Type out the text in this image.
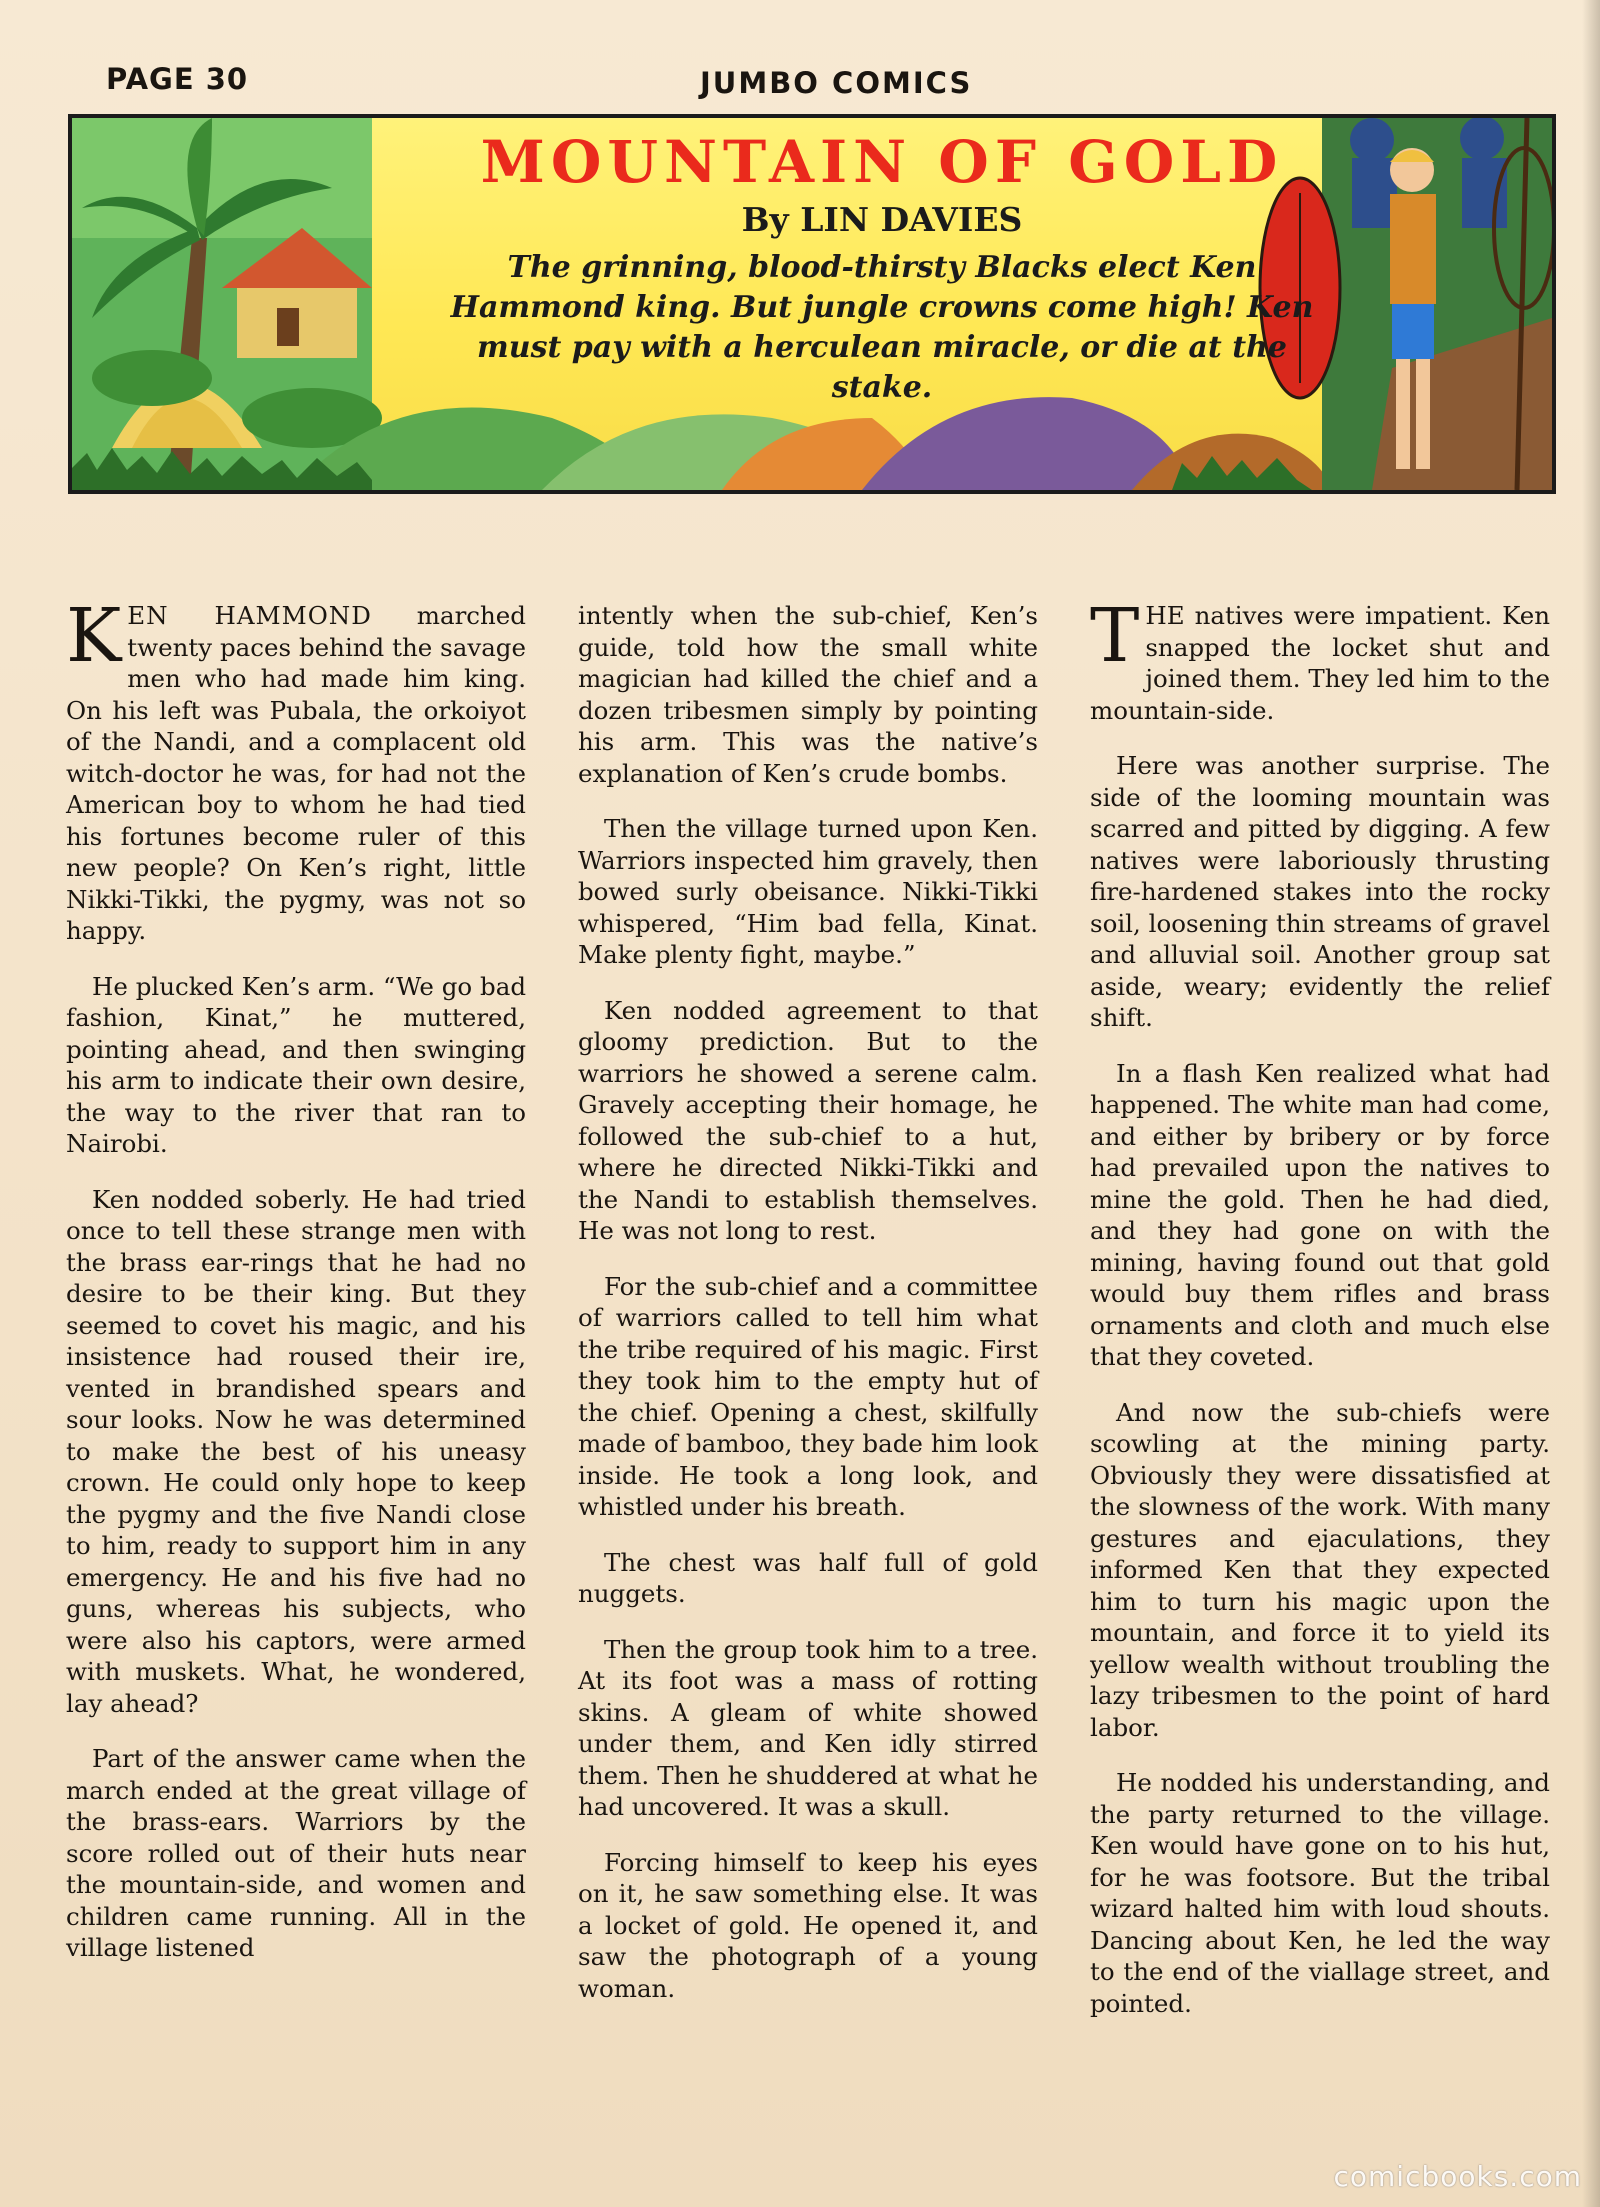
PAGE 30	JUMBO COMICS
MOUNTAIN OF GOLD
By LIN DAVIES
The grinning, blood-thirsty Blacks elect Ken Hammond king. But jungle crowns come high! Ken must pay with a herculean miracle, or die at the stake.

KEN HAMMOND marched twenty paces behind the savage men who had made him king. On his left was Pubala, the orkoiyot of the Nandi, and a complacent old witch-doctor he was, for had not the American boy to whom he had tied his fortunes become ruler of this new people? On Ken’s right, little Nikki-Tikki, the pygmy, was not so happy.

He plucked Ken’s arm. “We go bad fashion, Kinat,” he muttered, pointing ahead, and then swinging his arm to indicate their own desire, the way to the river that ran to Nairobi.

Ken nodded soberly. He had tried once to tell these strange men with the brass ear-rings that he had no desire to be their king. But they seemed to covet his magic, and his insistence had roused their ire, vented in brandished spears and sour looks. Now he was determined to make the best of his uneasy crown. He could only hope to keep the pygmy and the five Nandi close to him, ready to support him in any emergency. He and his five had no guns, whereas his subjects, who were also his captors, were armed with muskets. What, he wondered, lay ahead?

Part of the answer came when the march ended at the great village of the brass-ears. Warriors by the score rolled out of their huts near the mountain-side, and women and children came running. All in the village listened

intently when the sub-chief, Ken’s guide, told how the small white magician had killed the chief and a dozen tribesmen simply by pointing his arm. This was the native’s explanation of Ken’s crude bombs.

Then the village turned upon Ken. Warriors inspected him gravely, then bowed surly obeisance. Nikki-Tikki whispered, “Him bad fella, Kinat. Make plenty fight, maybe.”

Ken nodded agreement to that gloomy prediction. But to the warriors he showed a serene calm. Gravely accepting their homage, he followed the sub-chief to a hut, where he directed Nikki-Tikki and the Nandi to establish themselves. He was not long to rest.

For the sub-chief and a committee of warriors called to tell him what the tribe required of his magic. First they took him to the empty hut of the chief. Opening a chest, skilfully made of bamboo, they bade him look inside. He took a long look, and whistled under his breath.

The chest was half full of gold nuggets.

Then the group took him to a tree. At its foot was a mass of rotting skins. A gleam of white showed under them, and Ken idly stirred them. Then he shuddered at what he had uncovered. It was a skull.

Forcing himself to keep his eyes on it, he saw something else. It was a locket of gold. He opened it, and saw the photograph of a young woman.

THE natives were impatient. Ken snapped the locket shut and joined them. They led him to the mountain-side.

Here was another surprise. The side of the looming mountain was scarred and pitted by digging. A few natives were laboriously thrusting fire-hardened stakes into the rocky soil, loosening thin streams of gravel and alluvial soil. Another group sat aside, weary; evidently the relief shift.

In a flash Ken realized what had happened. The white man had come, and either by bribery or by force had prevailed upon the natives to mine the gold. Then he had died, and they had gone on with the mining, having found out that gold would buy them rifles and brass ornaments and cloth and much else that they coveted.

And now the sub-chiefs were scowling at the mining party. Obviously they were dissatisfied at the slowness of the work. With many gestures and ejaculations, they informed Ken that they expected him to turn his magic upon the mountain, and force it to yield its yellow wealth without troubling the lazy tribesmen to the point of hard labor.

He nodded his understanding, and the party returned to the village. Ken would have gone on to his hut, for he was footsore. But the tribal wizard halted him with loud shouts. Dancing about Ken, he led the way to the end of the viallage street, and pointed.

comicbooks.com
